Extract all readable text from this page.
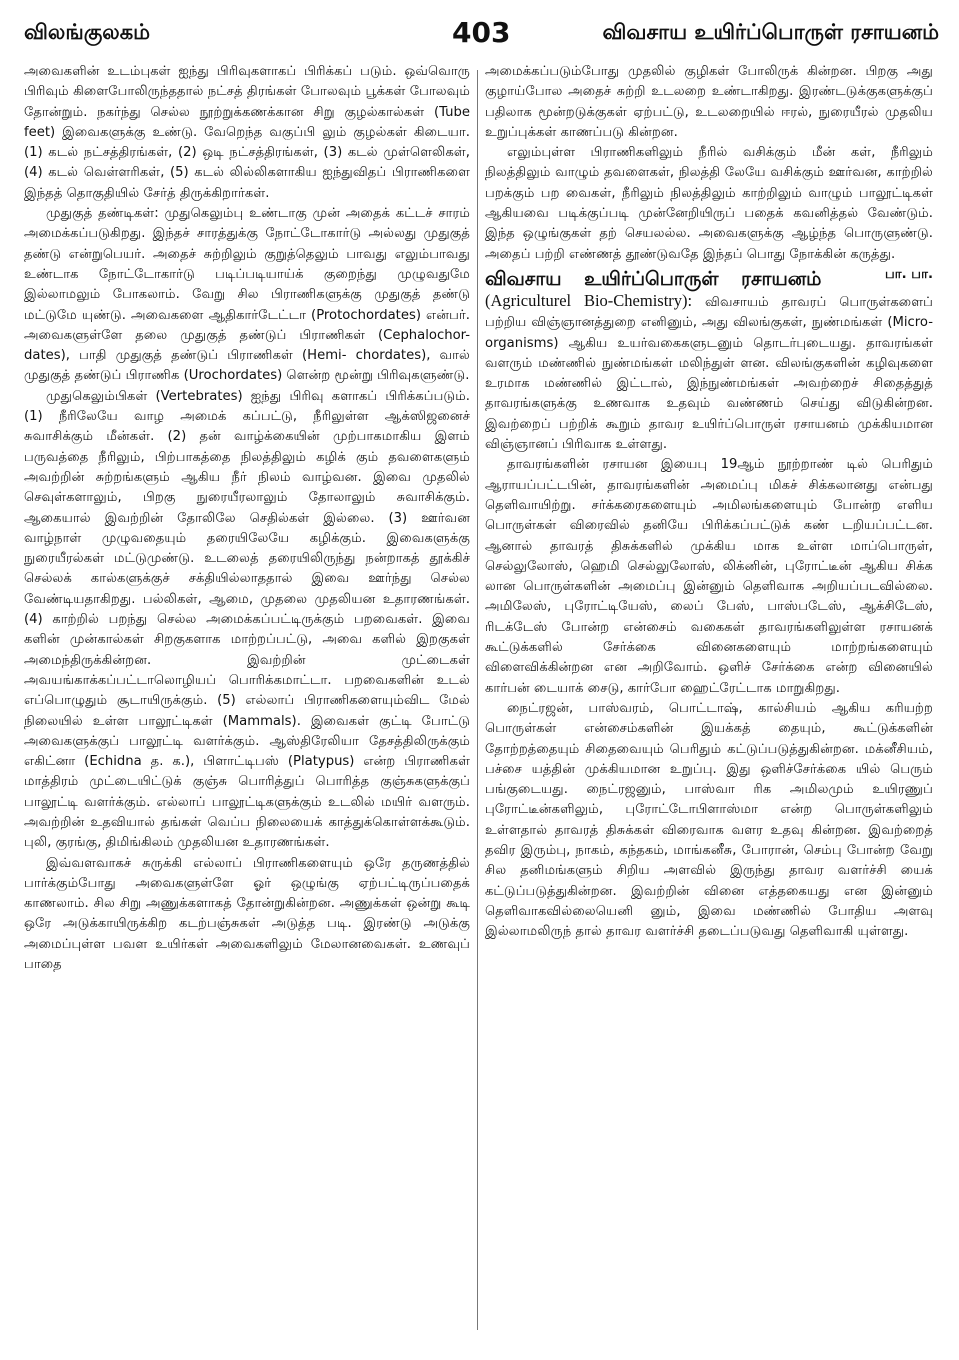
விலங்குலகம்	403	விவசாய உயிர்ப்பொருள் ரசாயனம்

அவைகளின் உடம்புகள் ஐந்து பிரிவுகளாகப் பிரிக்கப் படும். ஒவ்வொரு பிரிவும் கிளைபோலிருந்ததால் நட்சத் திரங்கள் போலவும் பூக்கள் போலவும் தோன்றும். நகர்ந்து செல்ல நூற்றுக்கணக்கான சிறு குழல்கால்கள் (Tube feet) இவைகளுக்கு உண்டு. வேறெந்த வகுப்பி லும் குழல்கள் கிடையா. (1) கடல் நட்சத்திரங்கள், (2) ஒடி நட்சத்திரங்கள், (3) கடல் முள்ளெலிகள், (4) கடல் வெள்ளரிகள், (5) கடல் லில்லிகளாகிய ஐந்துவிதப் பிராணிகளை இந்தத் தொகுதியில் சேர்த் திருக்கிறார்கள்.

முதுகுத் தண்டிகள்: முதுகெலும்பு உண்டாகு முன் அதைக் கட்டச் சாரம் அமைக்கப்படுகிறது. இந்தச் சாரத்துக்கு நோட்டோகார்டு அல்லது முதுகுத் தண்டு என்றுபெயர். அதைச் சுற்றிலும் குறுத்தெலும் பாவது எலும்பாவது உண்டாக நோட்டோகார்டு படிப்படியாய்க் குறைந்து முழுவதுமே இல்லாமலும் போகலாம். வேறு சில பிராணிகளுக்கு முதுகுத் தண்டு மட்டுமே யுண்டு. அவைகளை ஆதிகார்டேட்டா (Protochordates) என்பர். அவைகளுள்ளே தலை முதுகுத் தண்டுப் பிராணிகள் (Cephalochor- dates), பாதி முதுகுத் தண்டுப் பிராணிகள் (Hemi- chordates), வால் முதுகுத் தண்டுப் பிராணிக (Urochordates) ளென்ற மூன்று பிரிவுகளுண்டு.

முதுகெலும்பிகள் (Vertebrates) ஐந்து பிரிவு களாகப் பிரிக்கப்படும். (1) நீரிலேயே வாழ அமைக் கப்பட்டு, நீரிலுள்ள ஆக்ஸிஜனைச் சுவாசிக்கும் மீன்கள். (2) தன் வாழ்க்கையின் முற்பாகமாகிய இளம் பருவத்தை நீரிலும், பிற்பாகத்தை நிலத்திலும் கழிக் கும் தவளைகளும் அவற்றின் சுற்றங்களும் ஆகிய நீர் நிலம் வாழ்வன. இவை முதலில் செவுள்களாலும், பிறகு நுரையீரலாலும் தோலாலும் சுவாசிக்கும். ஆகையால் இவற்றின் தோலிலே செதில்கள் இல்லை. (3) ஊர்வன வாழ்நாள் முழுவதையும் தரையிலேயே கழிக்கும். இவைகளுக்கு நுரையீரல்கள் மட்டுமுண்டு. உடலைத் தரையிலிருந்து நன்றாகத் தூக்கிச் செல்லக் கால்களுக்குச் சக்தியில்லாததால் இவை ஊர்ந்து செல்ல வேண்டியதாகிறது. பல்லிகள், ஆமை, முதலை முதலியன உதாரணங்கள். (4) காற்றில் பறந்து செல்ல அமைக்கப்பட்டிருக்கும் பறவைகள். இவை களின் முன்கால்கள் சிறகுகளாக மாற்றப்பட்டு, அவை களில் இறகுகள் அமைந்திருக்கின்றன. இவற்றின் முட்டைகள் அவயங்காக்கப்பட்டாலொழியப் பொரிக்கமாட்டா. பறவைகளின் உடல் எப்பொழுதும் சூடாயிருக்கும். (5) எல்லாப் பிராணிகளையும்விட மேல் நிலையில் உள்ள பாலூட்டிகள் (Mammals). இவைகள் குட்டி போட்டு அவைகளுக்குப் பாலூட்டி வளர்க்கும். ஆஸ்திரேலியா தேசத்திலிருக்கும் எகிட்னா (Echidna த. க.), பிளாட்டிபஸ் (Platypus) என்ற பிராணிகள் மாத்திரம் முட்டையிட்டுக் குஞ்சு பொரித்துப் பொரித்த குஞ்சுகளுக்குப் பாலூட்டி வளர்க்கும். எல்லாப் பாலூட்டிகளுக்கும் உடலில் மயிர் வளரும். அவற்றின் உதவியால் தங்கள் வெப்ப நிலையைக் காத்துக்கொள்ளக்கூடும். புலி, குரங்கு, திமிங்கிலம் முதலியன உதாரணங்கள்.

இவ்வளவாகச் சுருக்கி எல்லாப் பிராணிகளையும் ஒரே தருணத்தில் பார்க்கும்போது அவைகளுள்ளே ஓர் ஒழுங்கு ஏற்பட்டிருப்பதைக் காணலாம். சில சிறு அணுக்களாகத் தோன்றுகின்றன. அணுக்கள் ஒன்று கூடி ஒரே அடுக்காயிருக்கிற கடற்பஞ்சுகள் அடுத்த படி. இரண்டு அடுக்கு அமைப்புள்ள பவள உயிர்கள் அவைகளிலும் மேலானவைகள். உணவுப் பாதை

அமைக்கப்படும்போது முதலில் குழிகள் போலிருக் கின்றன. பிறகு அது குழாய்போல அதைச் சுற்றி உடலறை உண்டாகிறது. இரண்டடுக்குகளுக்குப் பதிலாக மூன்றடுக்குகள் ஏற்பட்டு, உடலறையில் ஈரல், நுரையீரல் முதலிய உறுப்புக்கள் காணப்படு கின்றன.

எலும்புள்ள பிராணிகளிலும் நீரில் வசிக்கும் மீன் கள், நீரிலும் நிலத்திலும் வாழும் தவளைகள், நிலத்தி லேயே வசிக்கும் ஊர்வன, காற்றில் பறக்கும் பற வைகள், நீரிலும் நிலத்திலும் காற்றிலும் வாழும் பாலூட்டிகள் ஆகியவை படிக்குப்படி முன்னேறியிருப் பதைக் கவனித்தல் வேண்டும். இந்த ஒழுங்குகள் தற் செயலல்ல. அவைகளுக்கு ஆழ்ந்த பொருளுண்டு. அதைப் பற்றி எண்ணத் தூண்டுவதே இந்தப் பொது நோக்கின் கருத்து.
பா. பா.

விவசாய உயிர்ப்பொருள் ரசாயனம்

(Agriculturel Bio-Chemistry): விவசாயம் தாவரப் பொருள்களைப் பற்றிய விஞ்ஞானத்துறை எனினும், அது விலங்குகள், நுண்மங்கள் (Micro-organisms) ஆகிய உயர்வகைகளுடனும் தொடர்புடையது. தாவரங்கள் வளரும் மண்ணில் நுண்மங்கள் மலிந்துள் ளன. விலங்குகளின் கழிவுகளை உரமாக மண்ணில் இட்டால், இந்நுண்மங்கள் அவற்றைச் சிதைத்துத் தாவரங்களுக்கு உணவாக உதவும் வண்ணம் செய்து விடுகின்றன. இவற்றைப் பற்றிக் கூறும் தாவர உயிர்ப்பொருள் ரசாயனம் முக்கியமான விஞ்ஞானப் பிரிவாக உள்ளது.

தாவரங்களின் ரசாயன இயைபு 19ஆம் நூற்றாண் டில் பெரிதும் ஆராயப்பட்டபின், தாவரங்களின் அமைப்பு மிகச் சிக்கலானது என்பது தெளிவாயிற்று. சர்க்கரைகளையும் அமிலங்களையும் போன்ற எளிய பொருள்கள் விரைவில் தனியே பிரிக்கப்பட்டுக் கண் டறியப்பட்டன. ஆனால் தாவரத் திசுக்களில் முக்கிய மாக உள்ள மாப்பொருள், செல்லுலோஸ், ஹெமி செல்லுலோஸ், லிக்னின், புரோட்டீன் ஆகிய சிக்க லான பொருள்களின் அமைப்பு இன்னும் தெளிவாக அறியப்படவில்லை. அமிலேஸ், புரோட்டியேஸ், லைப் பேஸ், பாஸ்படேஸ், ஆக்சிடேஸ், ரிடக்டேஸ் போன்ற என்சைம் வகைகள் தாவரங்களிலுள்ள ரசாயனக் கூட்டுக்களில் சேர்க்கை வினைகளையும் மாற்றங்களையும் விளைவிக்கின்றன என அறிவோம். ஒளிச் சேர்க்கை என்ற வினையில் கார்பன் டையாக் சைடு, கார்போ ஹைட்ரேட்டாக மாறுகிறது.

நைட்ரஜன், பாஸ்வரம், பொட்டாஷ், கால்சியம் ஆகிய கரியற்ற பொருள்கள் என்சைம்களின் இயக்கத் தையும், கூட்டுக்களின் தோற்றத்தையும் சிதைவையும் பெரிதும் கட்டுப்படுத்துகின்றன. மக்னீசியம், பச்சை யத்தின் முக்கியமான உறுப்பு. இது ஒளிச்சேர்க்கை யில் பெரும் பங்குடையது. நைட்ரஜனும், பாஸ்வா ரிக அமிலமும் உயிரணுப் புரோட்டீன்களிலும், புரோட்டோபிளாஸ்மா என்ற பொருள்களிலும் உள்ளதால் தாவரத் திசுக்கள் விரைவாக வளர உதவு கின்றன. இவற்றைத் தவிர இரும்பு, நாகம், கந்தகம், மாங்கனீசு, போரான், செம்பு போன்ற வேறு சில தனிமங்களும் சிறிய அளவில் இருந்து தாவர வளர்ச்சி யைக் கட்டுப்படுத்துகின்றன. இவற்றின் வினை எத்தகையது என இன்னும் தெளிவாகவில்லையெனி னும், இவை மண்ணில் போதிய அளவு இல்லாமலிருந் தால் தாவர வளர்ச்சி தடைப்படுவது தெளிவாகி யுள்ளது.
